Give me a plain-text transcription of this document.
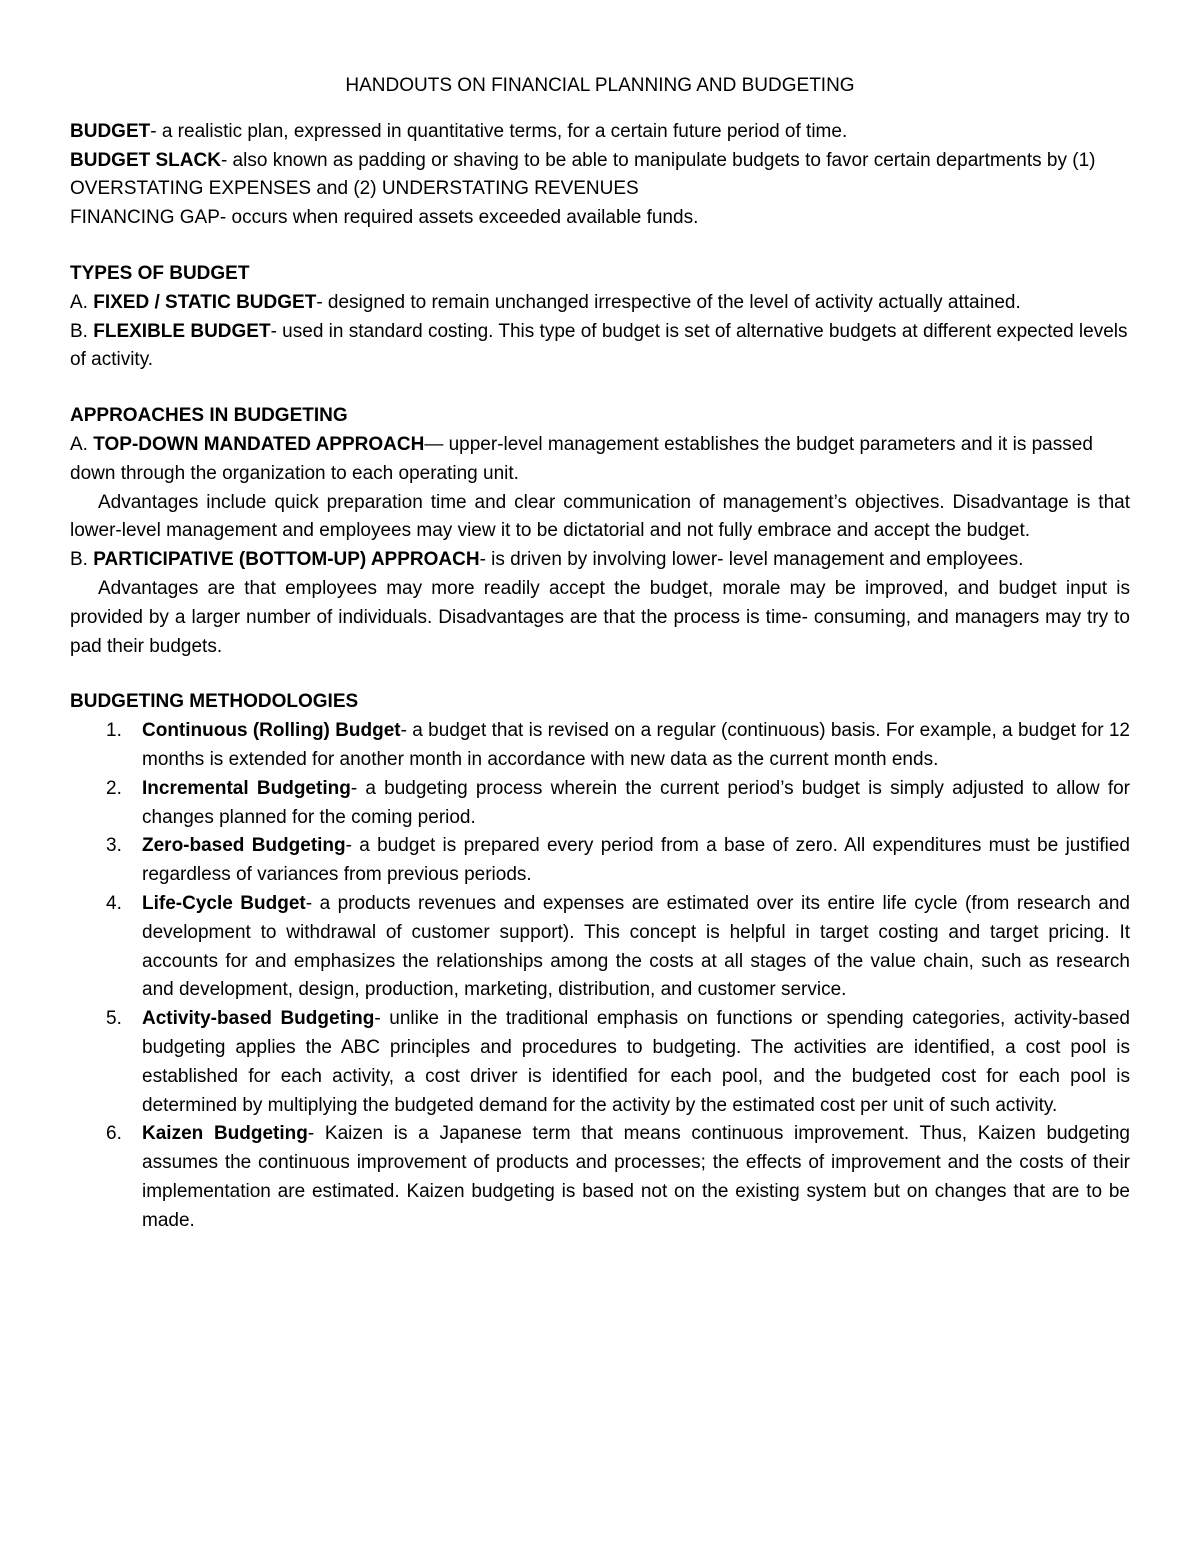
HANDOUTS ON FINANCIAL PLANNING AND BUDGETING

BUDGET- a realistic plan, expressed in quantitative terms, for a certain future period of time.

BUDGET SLACK- also known as padding or shaving to be able to manipulate budgets to favor certain departments by (1) OVERSTATING EXPENSES and (2) UNDERSTATING REVENUES

FINANCING GAP- occurs when required assets exceeded available funds.

TYPES OF BUDGET

A. FIXED / STATIC BUDGET- designed to remain unchanged irrespective of the level of activity actually attained.

B. FLEXIBLE BUDGET- used in standard costing. This type of budget is set of alternative budgets at different expected levels of activity.

APPROACHES IN BUDGETING

A. TOP-DOWN MANDATED APPROACH— upper-level management establishes the budget parameters and it is passed down through the organization to each operating unit.

Advantages include quick preparation time and clear communication of management’s objectives. Disadvantage is that lower-level management and employees may view it to be dictatorial and not fully embrace and accept the budget.

B. PARTICIPATIVE (BOTTOM-UP) APPROACH- is driven by involving lower- level management and employees.

Advantages are that employees may more readily accept the budget, morale may be improved, and budget input is provided by a larger number of individuals. Disadvantages are that the process is time- consuming, and managers may try to pad their budgets.

BUDGETING METHODOLOGIES

1. Continuous (Rolling) Budget- a budget that is revised on a regular (continuous) basis. For example, a budget for 12 months is extended for another month in accordance with new data as the current month ends.
2. Incremental Budgeting- a budgeting process wherein the current period’s budget is simply adjusted to allow for changes planned for the coming period.
3. Zero-based Budgeting- a budget is prepared every period from a base of zero. All expenditures must be justified regardless of variances from previous periods.
4. Life-Cycle Budget- a products revenues and expenses are estimated over its entire life cycle (from research and development to withdrawal of customer support). This concept is helpful in target costing and target pricing. It accounts for and emphasizes the relationships among the costs at all stages of the value chain, such as research and development, design, production, marketing, distribution, and customer service.
5. Activity-based Budgeting- unlike in the traditional emphasis on functions or spending categories, activity-based budgeting applies the ABC principles and procedures to budgeting. The activities are identified, a cost pool is established for each activity, a cost driver is identified for each pool, and the budgeted cost for each pool is determined by multiplying the budgeted demand for the activity by the estimated cost per unit of such activity.
6. Kaizen Budgeting- Kaizen is a Japanese term that means continuous improvement. Thus, Kaizen budgeting assumes the continuous improvement of products and processes; the effects of improvement and the costs of their implementation are estimated. Kaizen budgeting is based not on the existing system but on changes that are to be made.
